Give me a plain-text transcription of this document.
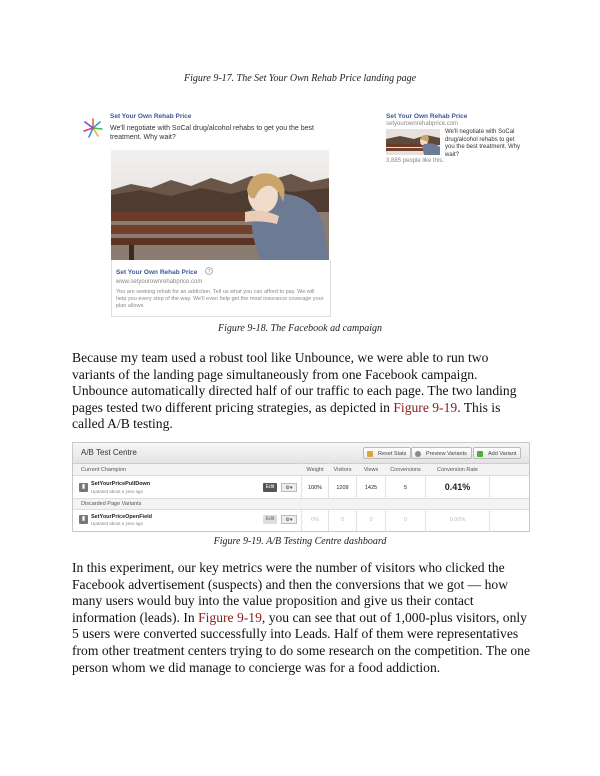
Figure 9-17. The Set Your Own Rehab Price landing page
Set Your Own Rehab Price
We'll negotiate with SoCal drug/alcohol rehabs to get you the best treatment. Why wait?
Set Your Own Rehab Price ?
www.setyourownrehabprice.com
You are seeking rehab for an addiction. Tell us what you can afford to pay. We will help you every step of the way. We'll even help get the most insurance coverage your plan allows.
Set Your Own Rehab Price
setyourownrehabprice.com
We'll negotiate with SoCal drug/alcohol rehabs to get you the best treatment. Why wait?
3,885 people like this.
Figure 9-18. The Facebook ad campaign
Because my team used a robust tool like Unbounce, we were able to run two variants of the landing page simultaneously from one Facebook campaign. Unbounce automatically directed half of our traffic to each page. The two landing pages tested two different pricing strategies, as depicted in Figure 9-19. This is called A/B testing.
A/B Test Centre	Reset Stats	Preview Variants	Add Variant
Current Champion	Weight	Visitors	Views	Conversions	Conversion Rate
▮	SetYourPricePullDown
Updated about a year ago
Edit	⚙▾	100%	1209	1425	5	0.41%
Discarded Page Variants
▮	SetYourPriceOpenField
Updated about a year ago
Edit	⚙▾	0%	0	0	0	0.00%
Figure 9-19. A/B Testing Centre dashboard
In this experiment, our key metrics were the number of visitors who clicked the Facebook advertisement (suspects) and then the conversions that we got — how many users would buy into the value proposition and give us their contact information (leads). In Figure 9-19, you can see that out of 1,000-plus visitors, only 5 users were converted successfully into Leads. Half of them were representatives from other treatment centers trying to do some research on the competition. The one person whom we did manage to concierge was for a food addiction.
